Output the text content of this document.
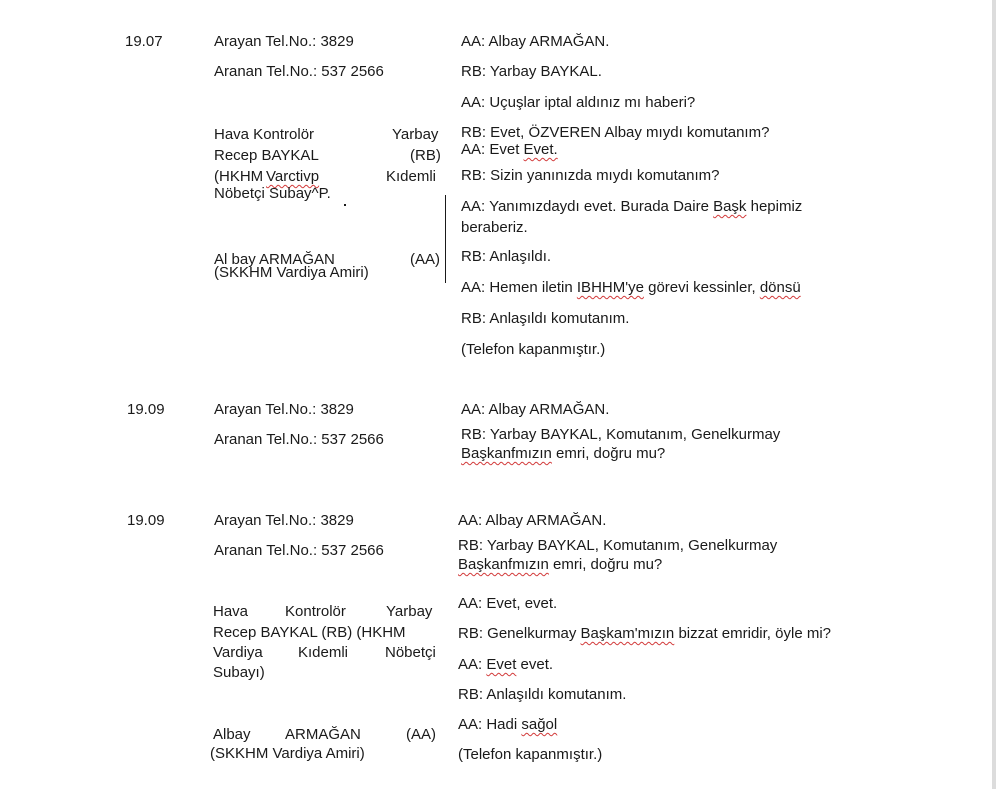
19.07	Arayan Tel.No.: 3829
Aranan Tel.No.: 537 2566
Hava Kontrolör	Yarbay
Recep BAYKAL	(RB)
(HKHM Varctivp	Kıdemli
Nöbetçi Subay^P.
Al bay ARMAĞAN	(AA)
(SKKHM Vardiya Amiri)
AA: Albay ARMAĞAN.
RB: Yarbay BAYKAL.
AA: Uçuşlar iptal aldınız mı haberi?
RB: Evet, ÖZVEREN Albay mıydı komutanım?
AA: Evet Evet.
RB: Sizin yanınızda mıydı komutanım?
AA: Yanımızdaydı evet. Burada Daire Başk hepimiz
beraberiz.
RB: Anlaşıldı.
AA: Hemen iletin IBHHM'ye görevi kessinler, dönsü
RB: Anlaşıldı komutanım.
(Telefon kapanmıştır.)
19.09	Arayan Tel.No.: 3829
Aranan Tel.No.: 537 2566
AA: Albay ARMAĞAN.
RB: Yarbay BAYKAL, Komutanım, Genelkurmay
Başkanfmızın emri, doğru mu?
19.09	Arayan Tel.No.: 3829
Aranan Tel.No.: 537 2566
Hava Kontrolör	Yarbay
Recep BAYKAL (RB) (HKHM
Vardiya Kıdemli Nöbetçi
Subayı)
Albay ARMAĞAN	(AA)
(SKKHM Vardiya Amiri)
AA: Albay ARMAĞAN.
RB: Yarbay BAYKAL, Komutanım, Genelkurmay
Başkanfmızın emri, doğru mu?
AA: Evet, evet.
RB: Genelkurmay Başkam'mızın bizzat emridir, öyle mi?
AA: Evet evet.
RB: Anlaşıldı komutanım.
AA: Hadi sağol
(Telefon kapanmıştır.)
